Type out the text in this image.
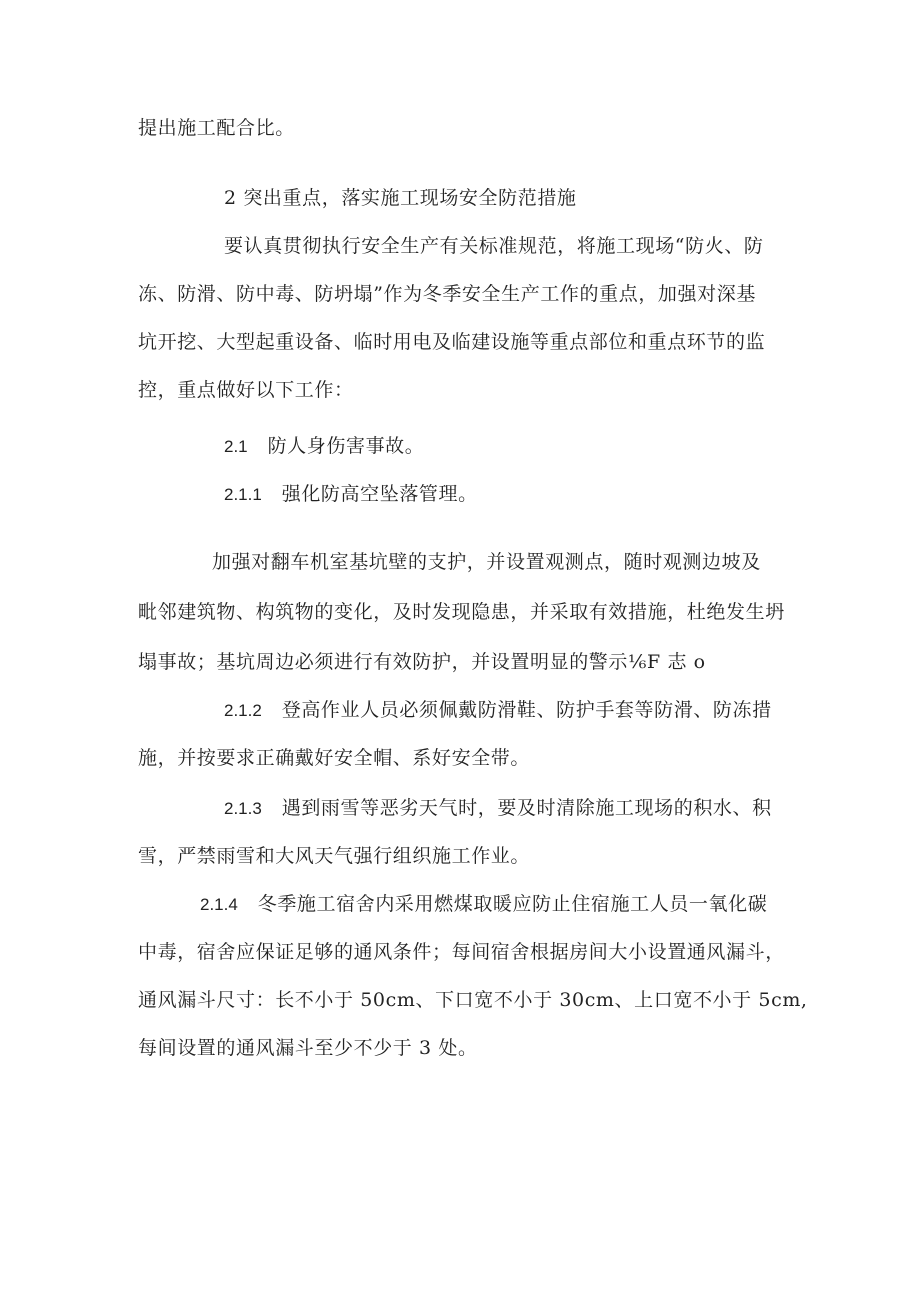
提出施工配合比。
2 突出重点，落实施工现场安全防范措施
要认真贯彻执行安全生产有关标准规范，将施工现场“防火、防
冻、防滑、防中毒、防坍塌”作为冬季安全生产工作的重点，加强对深基
坑开挖、大型起重设备、临时用电及临建设施等重点部位和重点环节的监
控，重点做好以下工作：
2.1 防人身伤害事故。
2.1.1 强化防高空坠落管理。
加强对翻车机室基坑壁的支护，并设置观测点，随时观测边坡及
毗邻建筑物、构筑物的变化，及时发现隐患，并采取有效措施，杜绝发生坍
塌事故；基坑周边必须进行有效防护，并设置明显的警示⅙F 志 o
2.1.2 登高作业人员必须佩戴防滑鞋、防护手套等防滑、防冻措
施，并按要求正确戴好安全帽、系好安全带。
2.1.3 遇到雨雪等恶劣天气时，要及时清除施工现场的积水、积
雪，严禁雨雪和大风天气强行组织施工作业。
2.1.4 冬季施工宿舍内采用燃煤取暖应防止住宿施工人员一氧化碳
中毒，宿舍应保证足够的通风条件；每间宿舍根据房间大小设置通风漏斗，
通风漏斗尺寸：长不小于 50cm、下口宽不小于 30cm、上口宽不小于 5cm,
每间设置的通风漏斗至少不少于 3 处。
